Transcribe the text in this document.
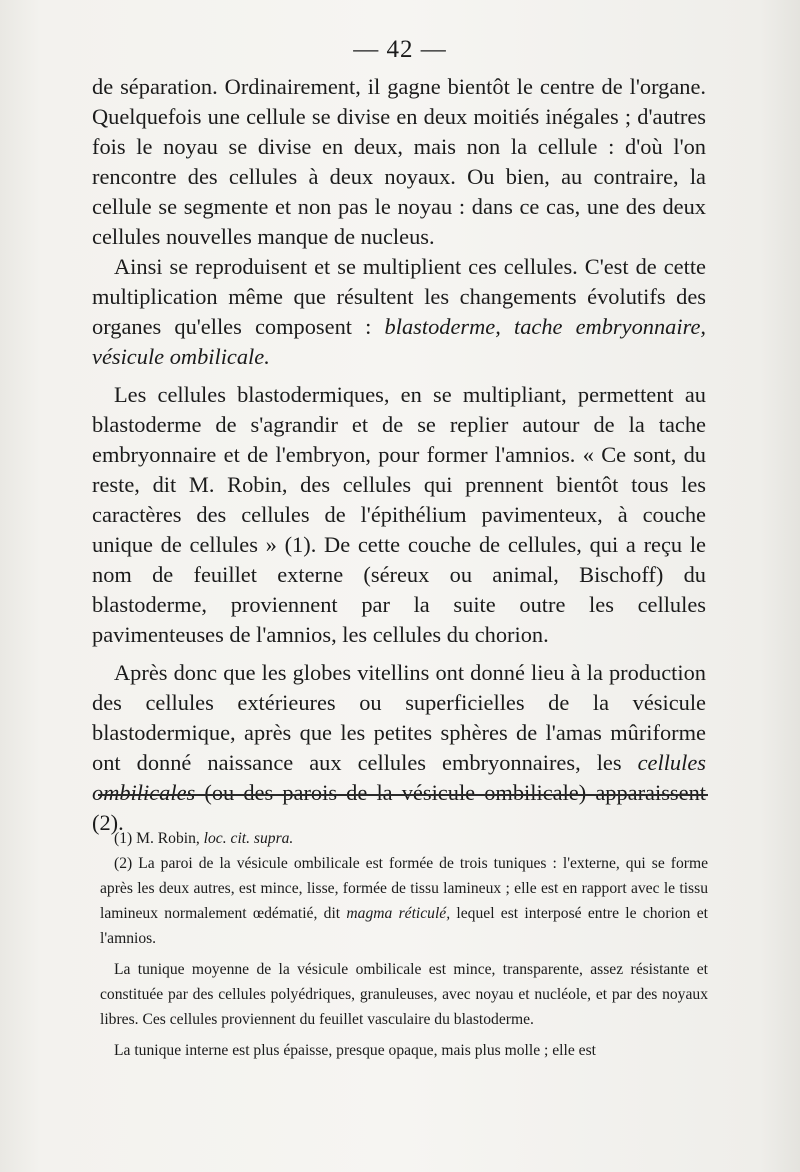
— 42 —

de séparation. Ordinairement, il gagne bientôt le centre de l'organe. Quelquefois une cellule se divise en deux moitiés inégales ; d'autres fois le noyau se divise en deux, mais non la cellule : d'où l'on rencontre des cellules à deux noyaux. Ou bien, au contraire, la cellule se segmente et non pas le noyau : dans ce cas, une des deux cellules nouvelles manque de nucleus.

Ainsi se reproduisent et se multiplient ces cellules. C'est de cette multiplication même que résultent les changements évolutifs des organes qu'elles composent : blastoderme, tache embryonnaire, vésicule ombilicale.

Les cellules blastodermiques, en se multipliant, permettent au blastoderme de s'agrandir et de se replier autour de la tache embryonnaire et de l'embryon, pour former l'amnios. « Ce sont, du reste, dit M. Robin, des cellules qui prennent bientôt tous les caractères des cellules de l'épithélium pavimenteux, à couche unique de cellules » (1). De cette couche de cellules, qui a reçu le nom de feuillet externe (séreux ou animal, Bischoff) du blastoderme, proviennent par la suite outre les cellules pavimenteuses de l'amnios, les cellules du chorion.

Après donc que les globes vitellins ont donné lieu à la production des cellules extérieures ou superficielles de la vésicule blastodermique, après que les petites sphères de l'amas mûriforme ont donné naissance aux cellules embryonnaires, les cellules ombilicales (ou des parois de la vésicule ombilicale) apparaissent (2).

(1) M. Robin, loc. cit. supra.

(2) La paroi de la vésicule ombilicale est formée de trois tuniques : l'externe, qui se forme après les deux autres, est mince, lisse, formée de tissu lamineux ; elle est en rapport avec le tissu lamineux normalement œdématié, dit magma réticulé, lequel est interposé entre le chorion et l'amnios.

La tunique moyenne de la vésicule ombilicale est mince, transparente, assez résistante et constituée par des cellules polyédriques, granuleuses, avec noyau et nucléole, et par des noyaux libres. Ces cellules proviennent du feuillet vasculaire du blastoderme.

La tunique interne est plus épaisse, presque opaque, mais plus molle ; elle est
